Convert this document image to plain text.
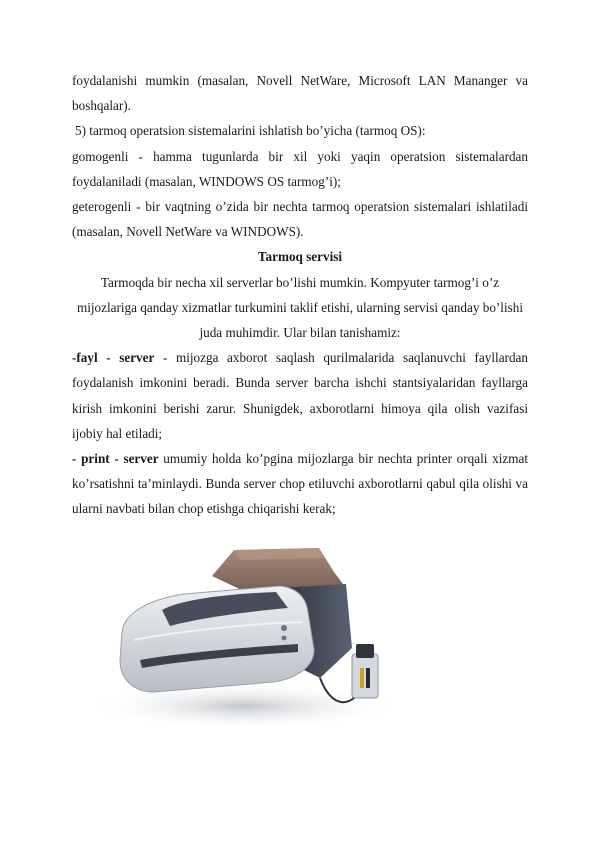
foydalanishi mumkin (masalan, Novell NetWare, Microsoft LAN Mananger va boshqalar).

5) tarmoq operatsion sistemalarini ishlatish bo’yicha (tarmoq OS):

gomogenli - hamma tugunlarda bir xil yoki yaqin operatsion sistemalardan foydalaniladi (masalan, WINDOWS OS tarmog’i);

geterogenli - bir vaqtning o’zida bir nechta tarmoq operatsion sistemalari ishlatiladi (masalan, Novell NetWare va WINDOWS).

Tarmoq servisi

Tarmoqda bir necha xil serverlar bo’lishi mumkin. Kompyuter tarmog’i o’z mijozlariga qanday xizmatlar turkumini taklif etishi, ularning servisi qanday bo’lishi juda muhimdir. Ular bilan tanishamiz:

-fayl - server - mijozga axborot saqlash qurilmalarida saqlanuvchi fayllardan foydalanish imkonini beradi. Bunda server barcha ishchi stantsiyalaridan fayllarga kirish imkonini berishi zarur. Shunigdek, axborotlarni himoya qila olish vazifasi ijobiy hal etiladi;

- print - server umumiy holda ko’pgina mijozlarga bir nechta printer orqali xizmat ko’rsatishni ta’minlaydi. Bunda server chop etiluvchi axborotlarni qabul qila olishi va ularni navbati bilan chop etishga chiqarishi kerak;
